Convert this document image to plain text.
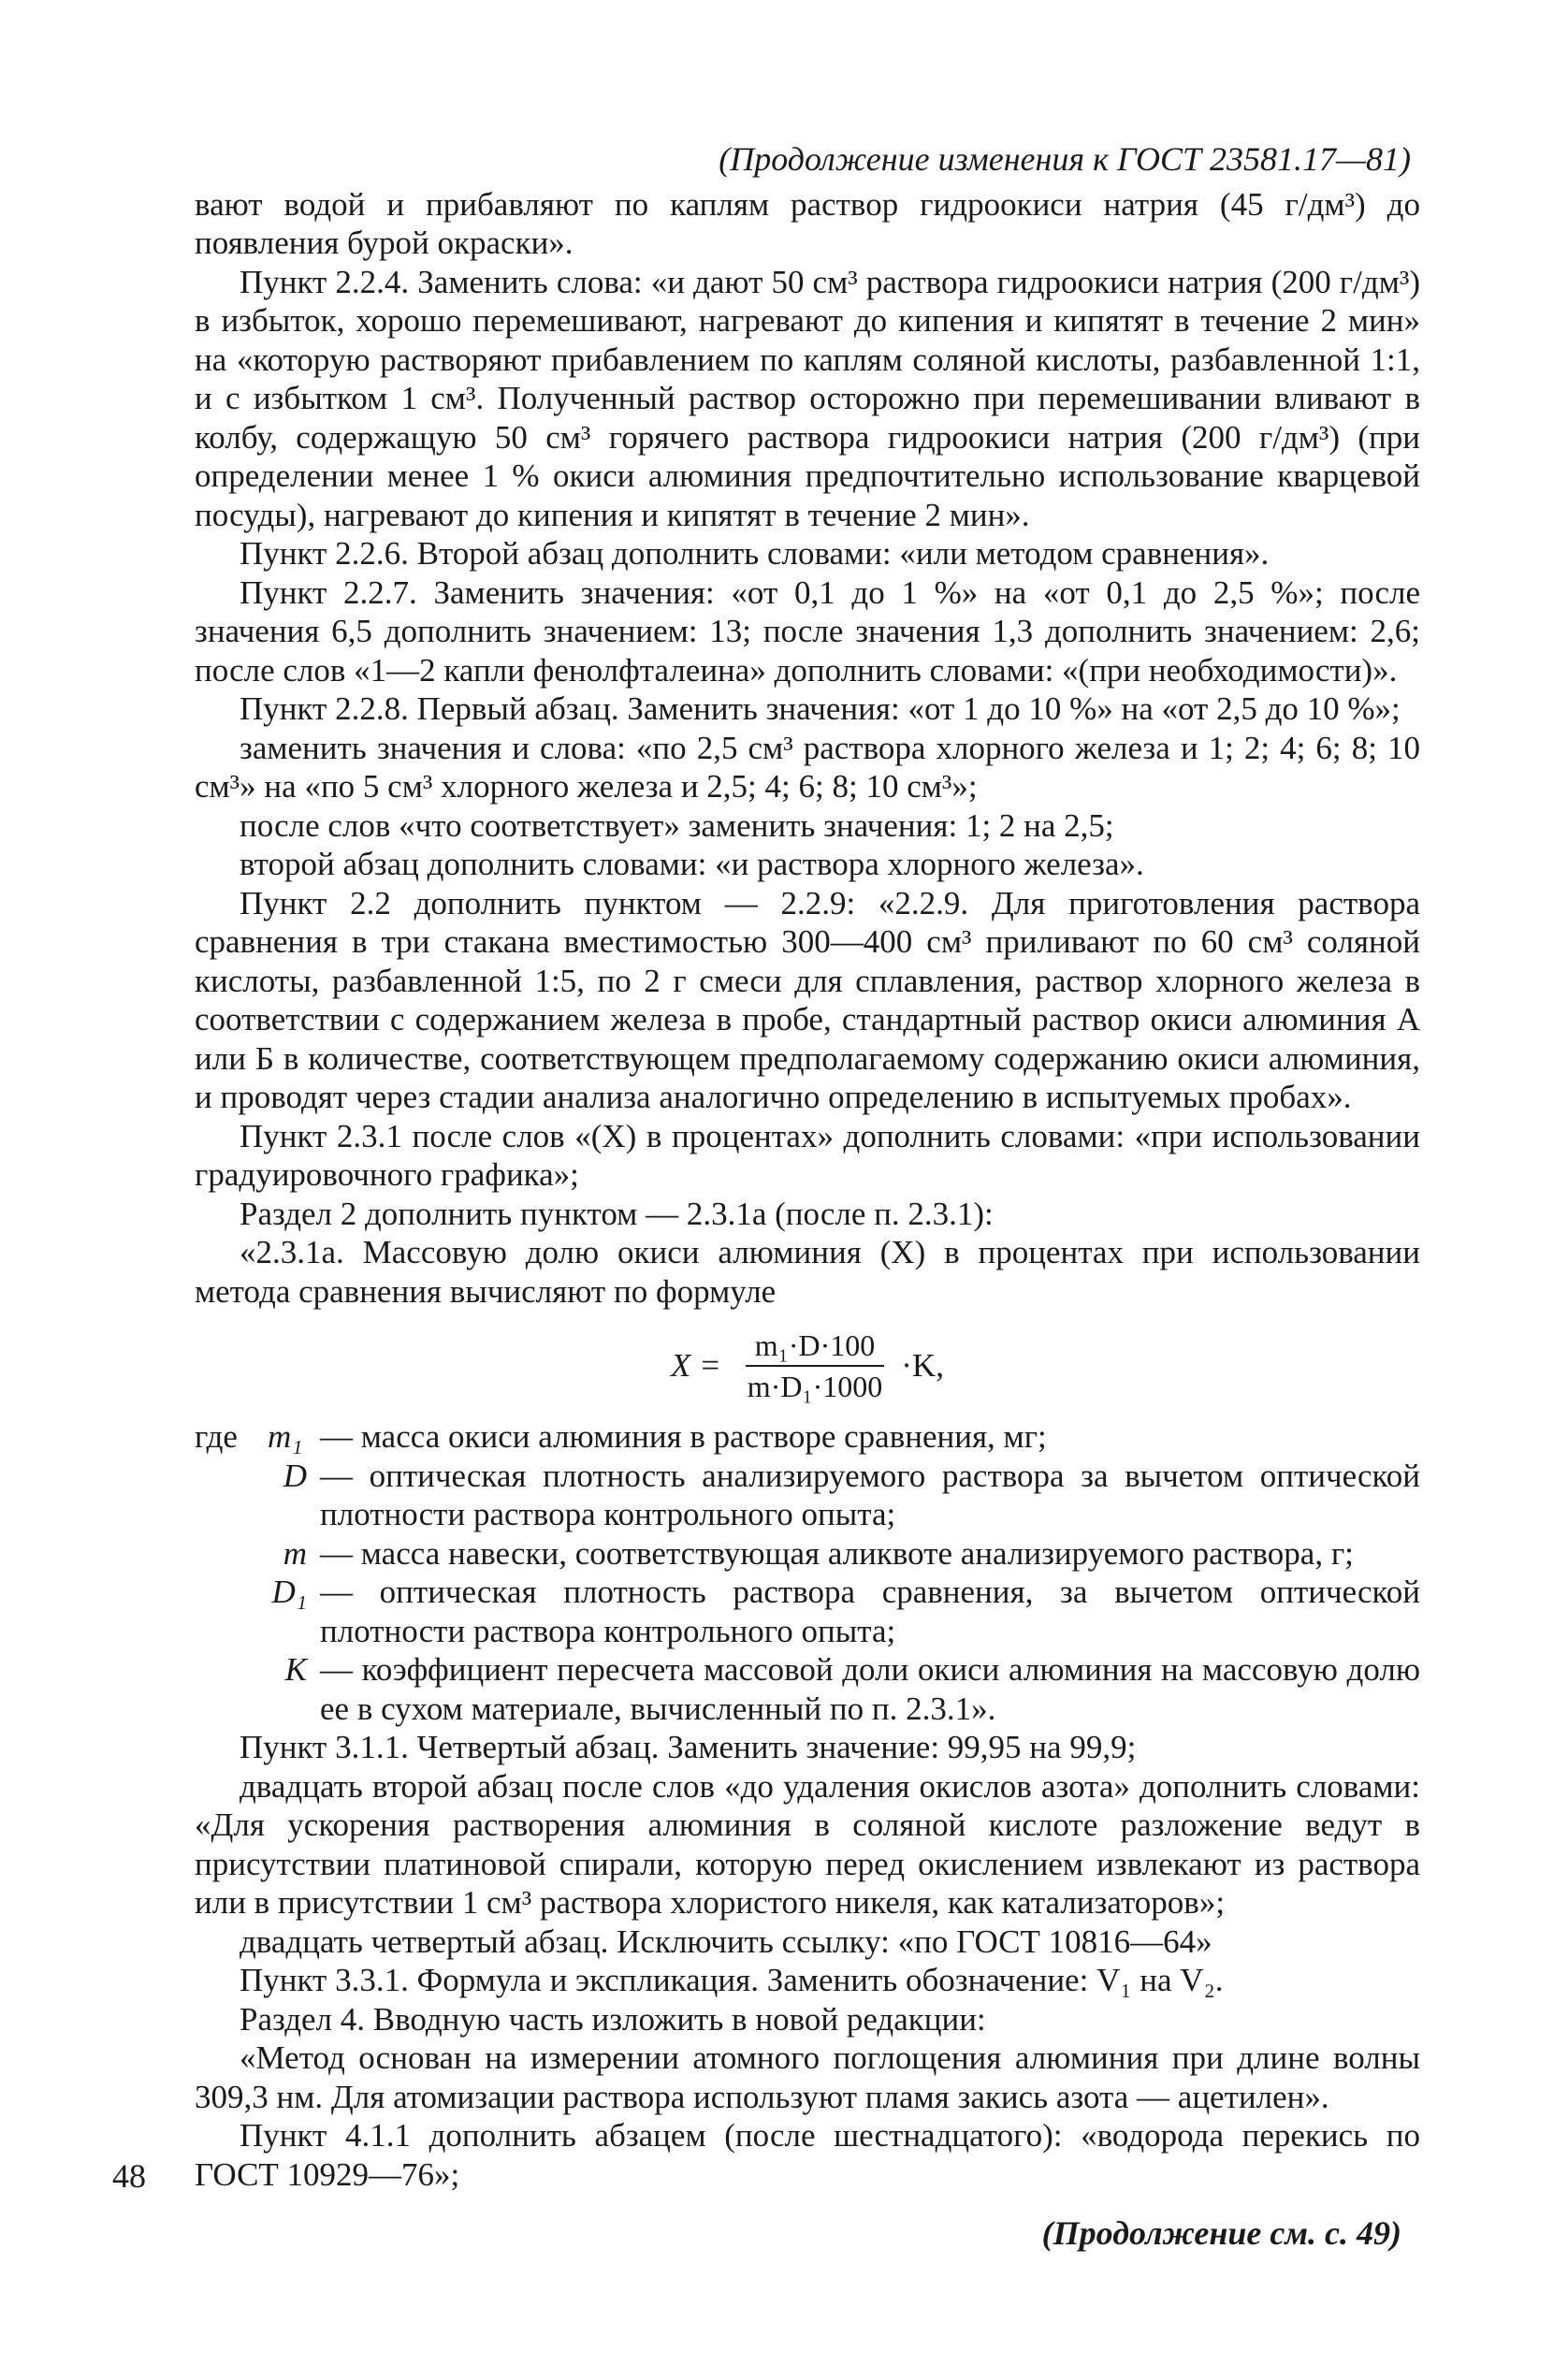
(Продолжение изменения к ГОСТ 23581.17—81)

вают водой и прибавляют по каплям раствор гидроокиси натрия (45 г/дм³) до появления бурой окраски».

Пункт 2.2.4. Заменить слова: «и дают 50 см³ раствора гидроокиси натрия (200 г/дм³) в избыток, хорошо перемешивают, нагревают до кипения и кипятят в течение 2 мин» на «которую растворяют прибавлением по каплям соляной кислоты, разбавленной 1:1, и с избытком 1 см³. Полученный раствор осторожно при перемешивании вливают в колбу, содержащую 50 см³ горячего раствора гидроокиси натрия (200 г/дм³) (при определении менее 1 % окиси алюминия предпочтительно использование кварцевой посуды), нагревают до кипения и кипятят в течение 2 мин».

Пункт 2.2.6. Второй абзац дополнить словами: «или методом сравнения».

Пункт 2.2.7. Заменить значения: «от 0,1 до 1 %» на «от 0,1 до 2,5 %»; после значения 6,5 дополнить значением: 13; после значения 1,3 дополнить значением: 2,6; после слов «1—2 капли фенолфталеина» дополнить словами: «(при необходимости)».

Пункт 2.2.8. Первый абзац. Заменить значения: «от 1 до 10 %» на «от 2,5 до 10 %»;

заменить значения и слова: «по 2,5 см³ раствора хлорного железа и 1; 2; 4; 6; 8; 10 см³» на «по 5 см³ хлорного железа и 2,5; 4; 6; 8; 10 см³»;

после слов «что соответствует» заменить значения: 1; 2 на 2,5;

второй абзац дополнить словами: «и раствора хлорного железа».

Пункт 2.2 дополнить пунктом — 2.2.9: «2.2.9. Для приготовления раствора сравнения в три стакана вместимостью 300—400 см³ приливают по 60 см³ соляной кислоты, разбавленной 1:5, по 2 г смеси для сплавления, раствор хлорного железа в соответствии с содержанием железа в пробе, стандартный раствор окиси алюминия А или Б в количестве, соответствующем предполагаемому содержанию окиси алюминия, и проводят через стадии анализа аналогично определению в испытуемых пробах».

Пункт 2.3.1 после слов «(X) в процентах» дополнить словами: «при использовании градуировочного графика»;

Раздел 2 дополнить пунктом — 2.3.1а (после п. 2.3.1):

«2.3.1а. Массовую долю окиси алюминия (X) в процентах при использовании метода сравнения вычисляют по формуле

$X = \frac{\text{m₁·D·100}}{\text{m·D₁·1000}} \cdot K$,
где m₁ — масса окиси алюминия в растворе сравнения, мг;
D — оптическая плотность анализируемого раствора за вычетом оптической плотности раствора контрольного опыта;
m — масса навески, соответствующая аликвоте анализируемого раствора, г;
D₁ — оптическая плотность раствора сравнения, за вычетом оптической плотности раствора контрольного опыта;
K — коэффициент пересчета массовой доли окиси алюминия на массовую долю ее в сухом материале, вычисленный по п. 2.3.1».

Пункт 3.1.1. Четвертый абзац. Заменить значение: 99,95 на 99,9;

двадцать второй абзац после слов «до удаления окислов азота» дополнить словами: «Для ускорения растворения алюминия в соляной кислоте разложение ведут в присутствии платиновой спирали, которую перед окислением извлекают из раствора или в присутствии 1 см³ раствора хлористого никеля, как катализаторов»;

двадцать четвертый абзац. Исключить ссылку: «по ГОСТ 10816—64»

Пункт 3.3.1. Формула и экспликация. Заменить обозначение: V₁ на V₂.

Раздел 4. Вводную часть изложить в новой редакции:

«Метод основан на измерении атомного поглощения алюминия при длине волны 309,3 нм. Для атомизации раствора используют пламя закись азота — ацетилен».

Пункт 4.1.1 дополнить абзацем (после шестнадцатого): «водорода перекись по ГОСТ 10929—76»;

(Продолжение см. с. 49)
48
